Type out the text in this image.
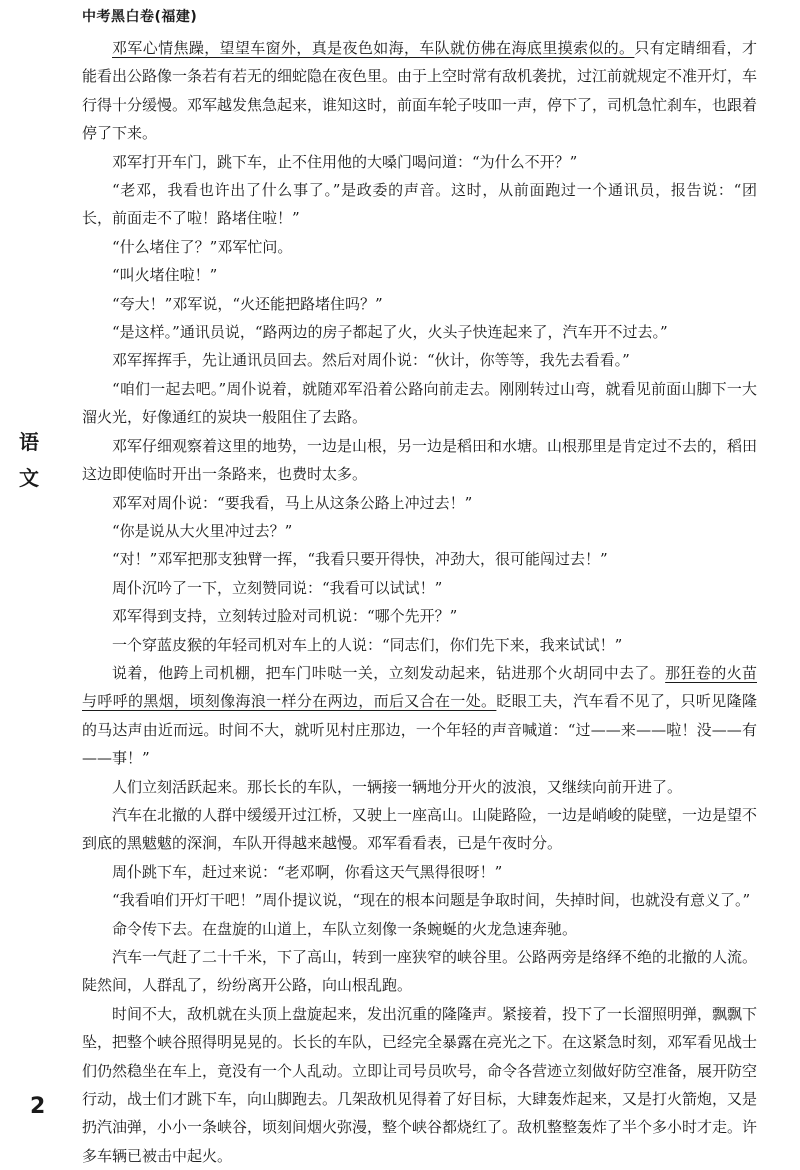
中考黑白卷(福建)
语
文

邓军心情焦躁，望望车窗外，真是夜色如海，车队就仿佛在海底里摸索似的。只有定睛细看，才能看出公路像一条若有若无的细蛇隐在夜色里。由于上空时常有敌机袭扰，过江前就规定不准开灯，车行得十分缓慢。邓军越发焦急起来，谁知这时，前面车轮子吱吅一声，停下了，司机急忙刹车，也跟着停了下来。

邓军打开车门，跳下车，止不住用他的大嗓门喝问道：“为什么不开？”

“老邓，我看也许出了什么事了。”是政委的声音。这时，从前面跑过一个通讯员，报告说：“团长，前面走不了啦！路堵住啦！”

“什么堵住了？”邓军忙问。

“叫火堵住啦！”

“夸大！”邓军说，“火还能把路堵住吗？”

“是这样。”通讯员说，“路两边的房子都起了火，火头子快连起来了，汽车开不过去。”

邓军挥挥手，先让通讯员回去。然后对周仆说：“伙计，你等等，我先去看看。”

“咱们一起去吧。”周仆说着，就随邓军沿着公路向前走去。刚刚转过山弯，就看见前面山脚下一大溜火光，好像通红的炭块一般阻住了去路。

邓军仔细观察着这里的地势，一边是山根，另一边是稻田和水塘。山根那里是肯定过不去的，稻田这边即使临时开出一条路来，也费时太多。

邓军对周仆说：“要我看，马上从这条公路上冲过去！”

“你是说从大火里冲过去？”

“对！”邓军把那支独臂一挥，“我看只要开得快，冲劲大，很可能闯过去！”

周仆沉吟了一下，立刻赞同说：“我看可以试试！”

邓军得到支持，立刻转过脸对司机说：“哪个先开？”

一个穿蓝皮猴的年轻司机对车上的人说：“同志们，你们先下来，我来试试！”

说着，他跨上司机棚，把车门咔哒一关，立刻发动起来，钻进那个火胡同中去了。那狂卷的火苗与呼呼的黑烟，顷刻像海浪一样分在两边，而后又合在一处。眨眼工夫，汽车看不见了，只听见隆隆的马达声由近而远。时间不大，就听见村庄那边，一个年轻的声音喊道：“过——来——啦！没——有——事！”

人们立刻活跃起来。那长长的车队，一辆接一辆地分开火的波浪，又继续向前开进了。

汽车在北撤的人群中缓缓开过江桥，又驶上一座高山。山陡路险，一边是峭峻的陡壁，一边是望不到底的黑魃魃的深涧，车队开得越来越慢。邓军看看表，已是午夜时分。

周仆跳下车，赶过来说：“老邓啊，你看这天气黑得很呀！”

“我看咱们开灯干吧！”周仆提议说，“现在的根本问题是争取时间，失掉时间，也就没有意义了。”

命令传下去。在盘旋的山道上，车队立刻像一条蜿蜒的火龙急速奔驰。

汽车一气赶了二十千米，下了高山，转到一座狭窄的峡谷里。公路两旁是络绎不绝的北撤的人流。陡然间，人群乱了，纷纷离开公路，向山根乱跑。

时间不大，敌机就在头顶上盘旋起来，发出沉重的隆隆声。紧接着，投下了一长溜照明弹，飘飘下坠，把整个峡谷照得明晃晃的。长长的车队，已经完全暴露在亮光之下。在这紧急时刻，邓军看见战士们仍然稳坐在车上，竟没有一个人乱动。立即让司号员吹号，命令各营迹立刻做好防空准备，展开防空行动，战士们才跳下车，向山脚跑去。几架敌机见得着了好目标，大肆轰炸起来，又是打火箭炮，又是扔汽油弹，小小一条峡谷，顷刻间烟火弥漫，整个峡谷都烧红了。敌机整整轰炸了半个多小时才走。许多车辆已被击中起火。

2
